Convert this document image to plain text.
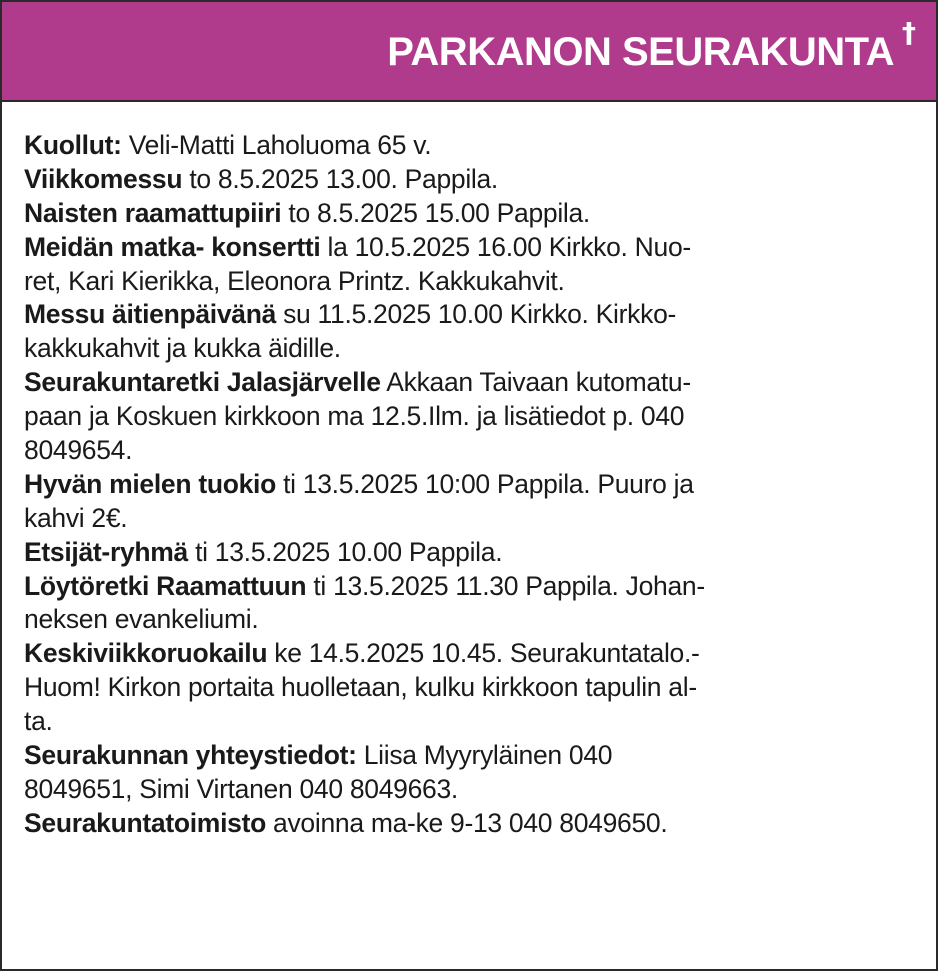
PARKANON SEURAKUNTA †
Kuollut: Veli-Matti Laholuoma 65 v.
Viikkomessu to 8.5.2025 13.00. Pappila.
Naisten raamattupiiri to 8.5.2025 15.00 Pappila.
Meidän matka- konsertti la 10.5.2025 16.00 Kirkko. Nuo-
ret, Kari Kierikka, Eleonora Printz. Kakkukahvit.
Messu äitienpäivänä su 11.5.2025 10.00 Kirkko. Kirkko-
kakkukahvit ja kukka äidille.
Seurakuntaretki Jalasjärvelle Akkaan Taivaan kutomatu-
paan ja Koskuen kirkkoon ma 12.5.Ilm. ja lisätiedot p. 040
8049654.
Hyvän mielen tuokio ti 13.5.2025 10:00 Pappila. Puuro ja
kahvi 2€.
Etsijät-ryhmä ti 13.5.2025 10.00 Pappila.
Löytöretki Raamattuun ti 13.5.2025 11.30 Pappila. Johan-
neksen evankeliumi.
Keskiviikkoruokailu ke 14.5.2025 10.45. Seurakuntatalo.-
Huom! Kirkon portaita huolletaan, kulku kirkkoon tapulin al-
ta.
Seurakunnan yhteystiedot: Liisa Myyryläinen 040
8049651, Simi Virtanen 040 8049663.
Seurakuntatoimisto avoinna ma-ke 9-13 040 8049650.
